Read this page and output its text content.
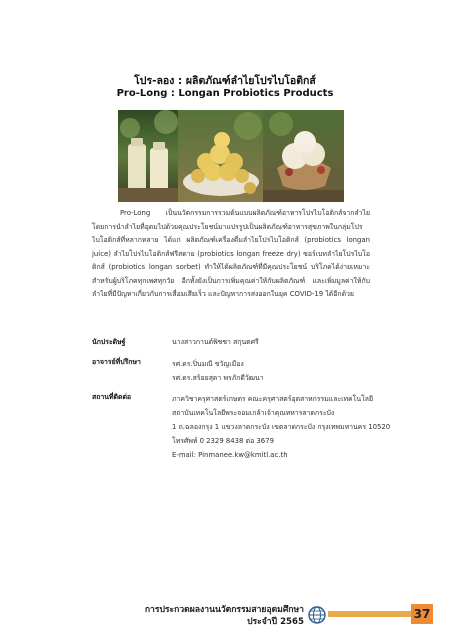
โปร-ลอง : ผลิตภัณฑ์ลำไยโปรไบโอติกส์
Pro-Long : Longan Probiotics Products
Pro-Long เป็นนวัตกรรมการรวมต้นแบบผลิตภัณฑ์อาหารโปรไบโอติกส์จากลำไย โดยการนำลำไยที่อุดมไปด้วยคุณประโยชน์มาแปรรูปเป็นผลิตภัณฑ์อาหารสุขภาพในกลุ่มโปรไบโอติกส์ที่หลากหลาย ได้แก่ ผลิตภัณฑ์เครื่องดื่มลำไยโปรไบโอติกส์ (probiotics longan juice) ลำไยโปรไบโอติกส์ฟรีสดาย (probiotics longan freeze dry) ซอร์เบทลำไยโปรไบโอติกส์ (probiotics longan sorbet) ทำให้ได้ผลิตภัณฑ์ที่มีคุณประโยชน์ บริโภคได้ง่ายเหมาะสำหรับผู้บริโภคทุกเพศทุกวัย อีกทั้งยังเป็นการเพิ่มคุณค่าให้กับผลิตภัณฑ์ และเพิ่มมูลค่าให้กับลำไยที่มีปัญหาเกี่ยวกับการเสื่อมเสียเร็ว และปัญหาการส่งออกในยุค COVID-19 ได้อีกด้วย
นักประดิษฐ์	นางสาวกานต์พิชชา สกุนตศรี
อาจารย์ที่ปรึกษา	รศ.ดร.ปิ่นมณี ขวัญเมือง
รศ.ดร.สร้อยสุดา พรภักดีวัฒนา
สถานที่ติดต่อ	ภาควิชาครุศาสตร์เกษตร คณะครุศาสตร์อุตสาหกรรมและเทคโนโลยี
สถาบันเทคโนโลยีพระจอมเกล้าเจ้าคุณทหารลาดกระบัง
1 ถ.ฉลองกรุง 1 แขวงลาดกระบัง เขตลาดกระบัง กรุงเทพมหานคร 10520
โทรศัพท์ 0 2329 8438 ต่อ 3679
E-mail: Pinmanee.kw@kmitl.ac.th
การประกวดผลงานนวัตกรรมสายอุดมศึกษา
ประจำปี 2565
37
